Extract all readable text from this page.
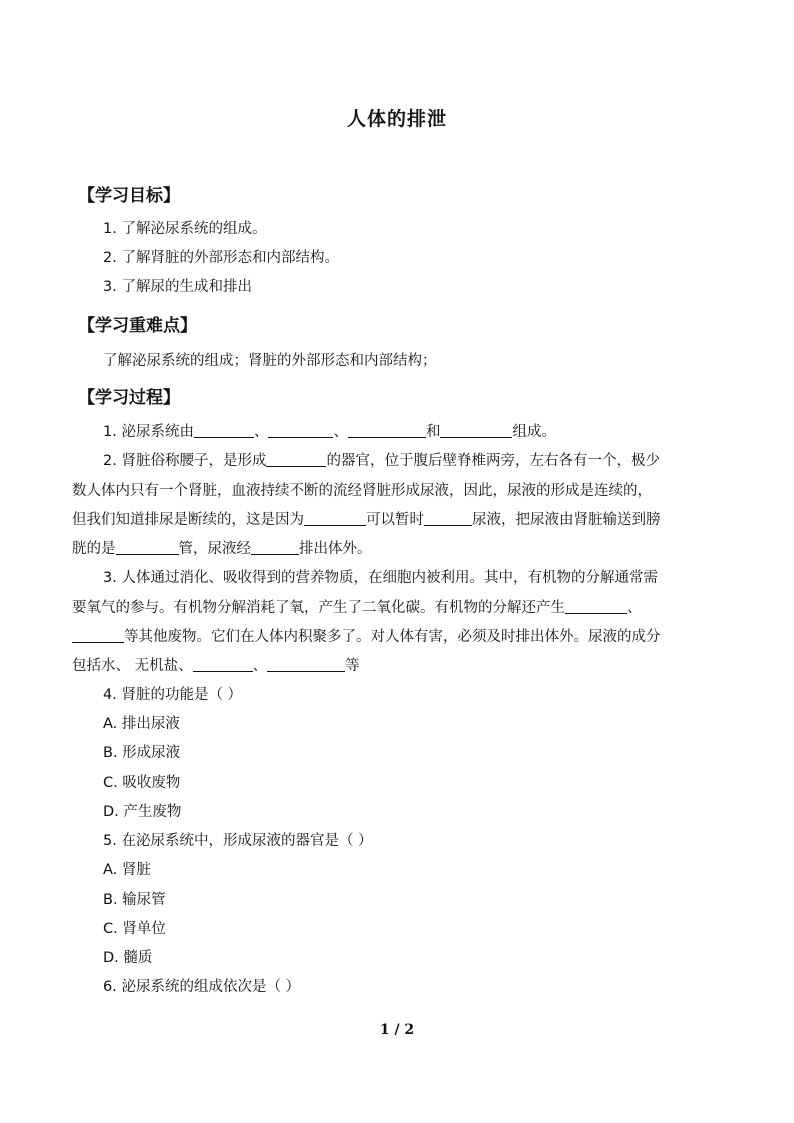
人体的排泄
【学习目标】
1. 了解泌尿系统的组成。
2. 了解肾脏的外部形态和内部结构。
3. 了解尿的生成和排出
【学习重难点】
了解泌尿系统的组成；肾脏的外部形态和内部结构；
【学习过程】
1. 泌尿系统由	、	、	和	组成。
2. 肾脏俗称腰子，是形成	的器官，位于腹后壁脊椎两旁，左右各有一个，极少
数人体内只有一个肾脏，血液持续不断的流经肾脏形成尿液，因此，尿液的形成是连续的，
但我们知道排尿是断续的，这是因为	可以暂时	尿液，把尿液由肾脏输送到膀
胱的是	管，尿液经	排出体外。
3. 人体通过消化、吸收得到的营养物质，在细胞内被利用。其中，有机物的分解通常需
要氧气的参与。有机物分解消耗了氧，产生了二氧化碳。有机物的分解还产生	、
等其他废物。它们在人体内积聚多了。对人体有害，必须及时排出体外。尿液的成分
包括水、 无机盐、	、	等
4. 肾脏的功能是（ ）
A. 排出尿液
B. 形成尿液
C. 吸收废物
D. 产生废物
5. 在泌尿系统中，形成尿液的器官是（ ）
A. 肾脏
B. 输尿管
C. 肾单位
D. 髓质
6. 泌尿系统的组成依次是（ ）
1 / 2
